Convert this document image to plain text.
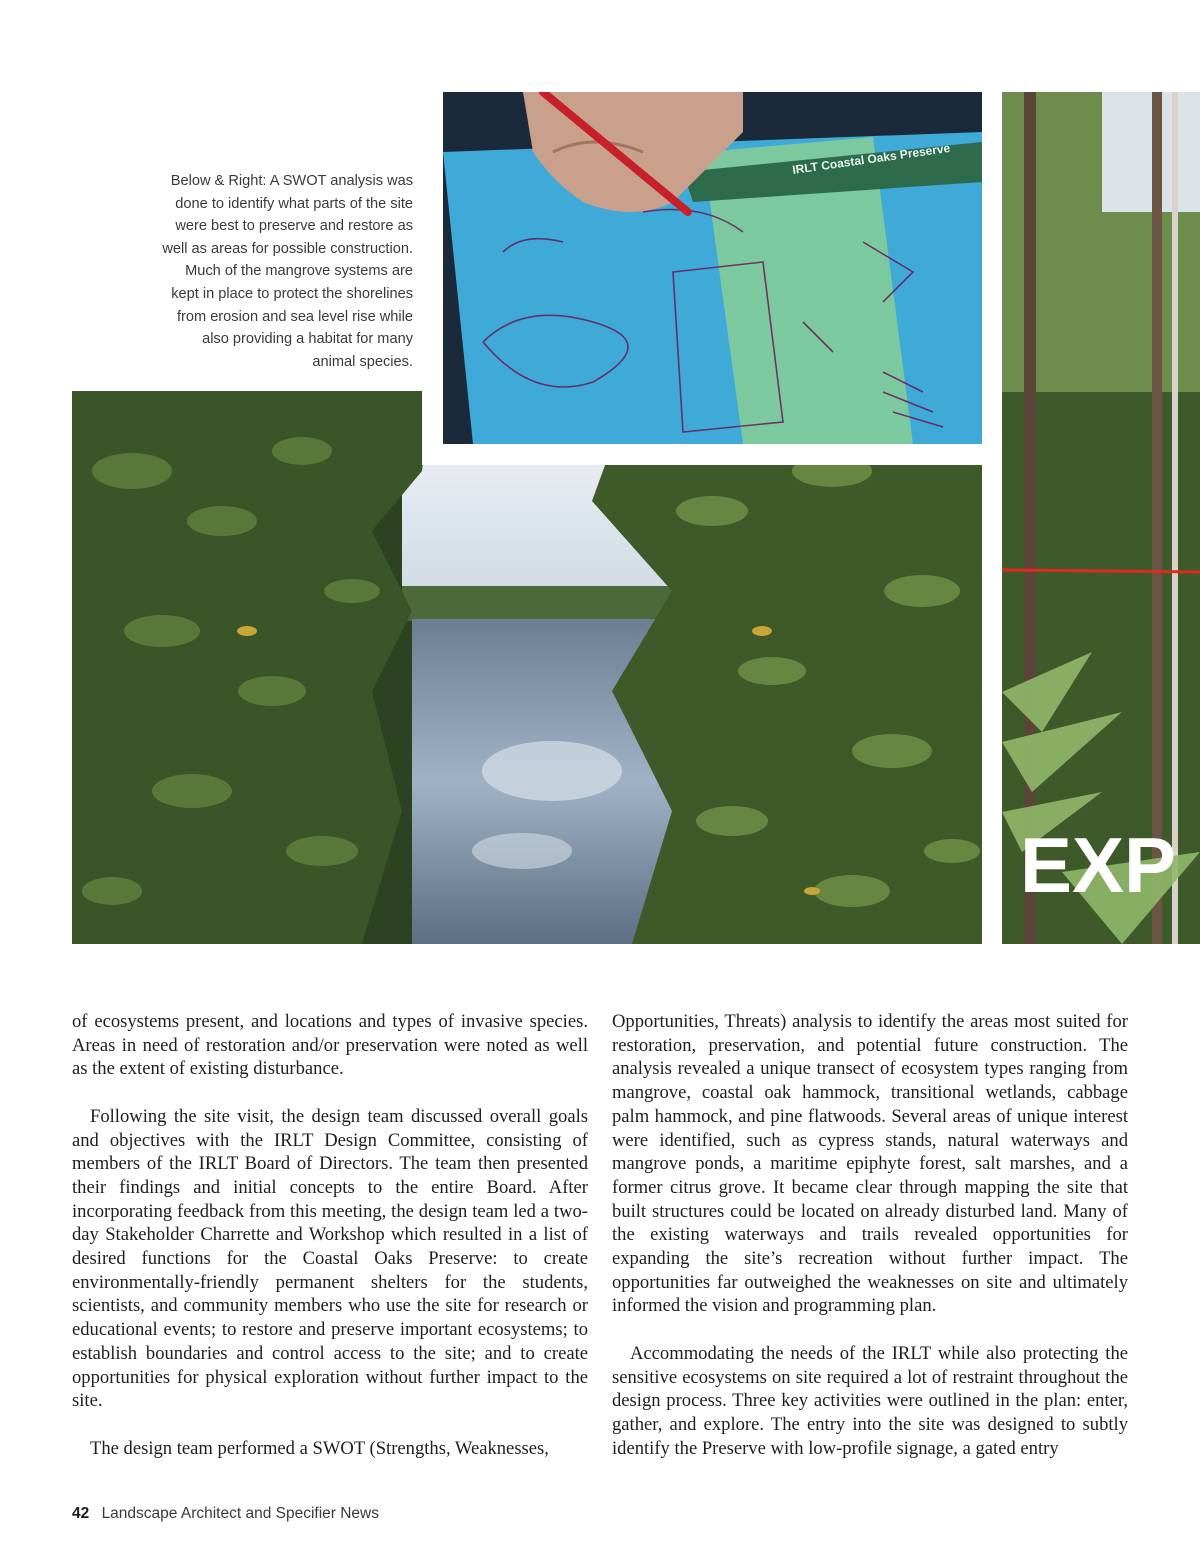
Below & Right: A SWOT analysis was done to identify what parts of the site were best to preserve and restore as well as areas for possible construction. Much of the mangrove systems are kept in place to protect the shorelines from erosion and sea level rise while also providing a habitat for many animal species.
IRLT Coastal Oaks Preserve
EXP

of ecosystems present, and locations and types of invasive species. Areas in need of restoration and/or preservation were noted as well as the extent of existing disturbance.

Following the site visit, the design team discussed overall goals and objectives with the IRLT Design Committee, consisting of members of the IRLT Board of Directors. The team then presented their findings and initial concepts to the entire Board. After incorporating feedback from this meeting, the design team led a two-day Stakeholder Charrette and Workshop which resulted in a list of desired functions for the Coastal Oaks Preserve: to create environmentally-friendly permanent shelters for the students, scientists, and community members who use the site for research or educational events; to restore and preserve important ecosystems; to establish boundaries and control access to the site; and to create opportunities for physical exploration without further impact to the site.

The design team performed a SWOT (Strengths, Weaknesses,

Opportunities, Threats) analysis to identify the areas most suited for restoration, preservation, and potential future construction. The analysis revealed a unique transect of ecosystem types ranging from mangrove, coastal oak hammock, transitional wetlands, cabbage palm hammock, and pine flatwoods. Several areas of unique interest were identified, such as cypress stands, natural waterways and mangrove ponds, a maritime epiphyte forest, salt marshes, and a former citrus grove. It became clear through mapping the site that built structures could be located on already disturbed land. Many of the existing waterways and trails revealed opportunities for expanding the site’s recreation without further impact. The opportunities far outweighed the weaknesses on site and ultimately informed the vision and programming plan.

Accommodating the needs of the IRLT while also protecting the sensitive ecosystems on site required a lot of restraint throughout the design process. Three key activities were outlined in the plan: enter, gather, and explore. The entry into the site was designed to subtly identify the Preserve with low-profile signage, a gated entry

42 Landscape Architect and Specifier News
